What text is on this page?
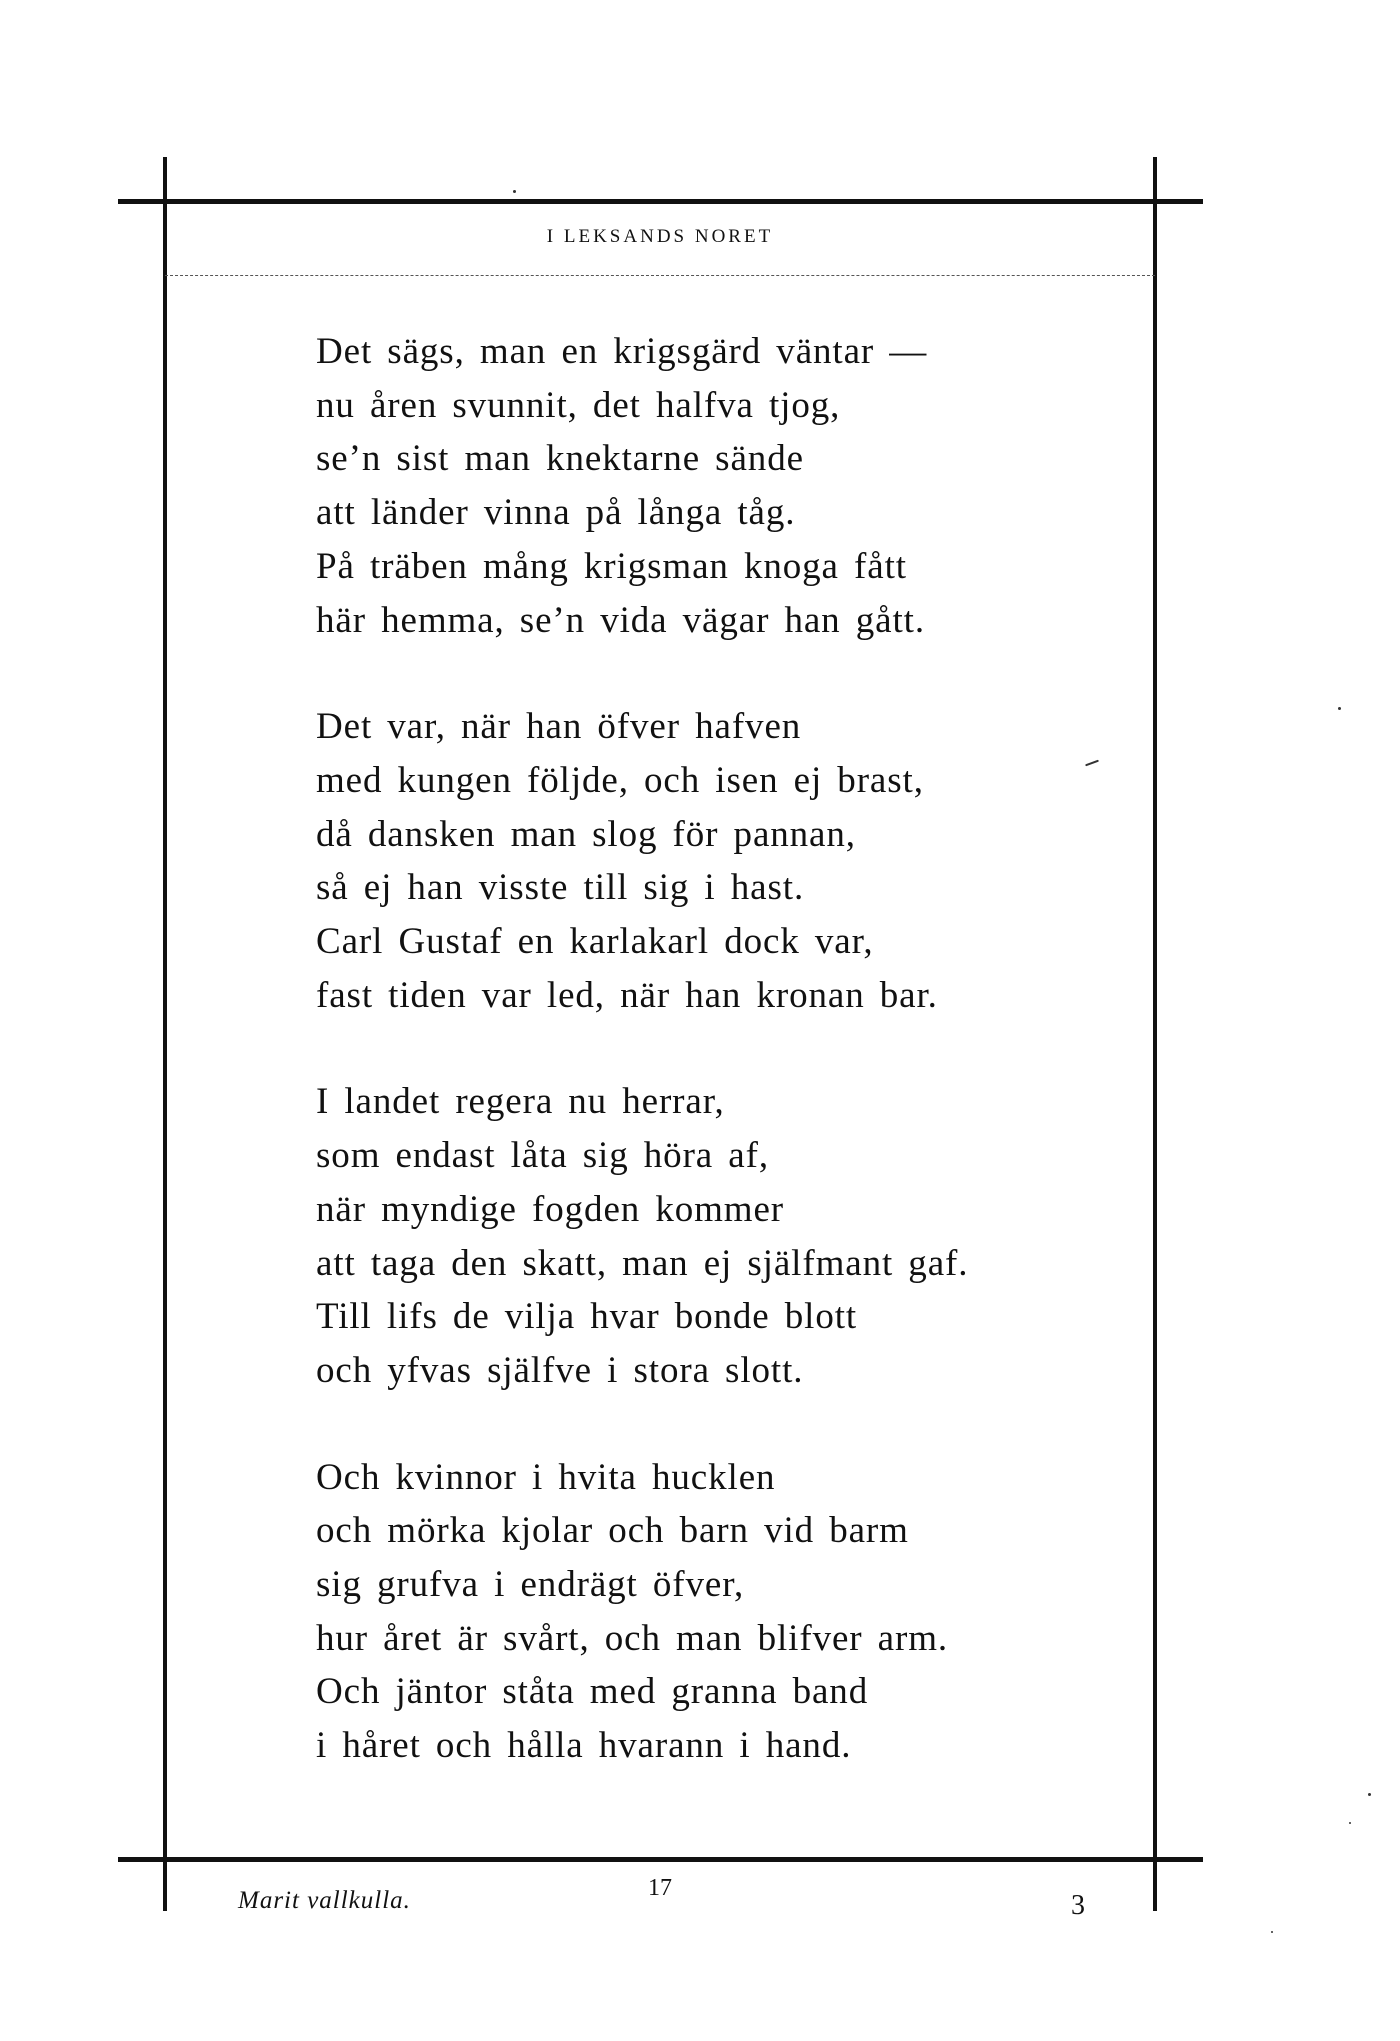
I LEKSANDS NORET
Det sägs, man en krigsgärd väntar —
nu åren svunnit, det halfva tjog,
se’n sist man knektarne sände
att länder vinna på långa tåg.
På träben mång krigsman knoga fått
här hemma, se’n vida vägar han gått.
Det var, när han öfver hafven
med kungen följde, och isen ej brast,
då dansken man slog för pannan,
så ej han visste till sig i hast.
Carl Gustaf en karlakarl dock var,
fast tiden var led, när han kronan bar.
I landet regera nu herrar,
som endast låta sig höra af,
när myndige fogden kommer
att taga den skatt, man ej själfmant gaf.
Till lifs de vilja hvar bonde blott
och yfvas själfve i stora slott.
Och kvinnor i hvita hucklen
och mörka kjolar och barn vid barm
sig grufva i endrägt öfver,
hur året är svårt, och man blifver arm.
Och jäntor ståta med granna band
i håret och hålla hvarann i hand.
Marit vallkulla.	17
3
